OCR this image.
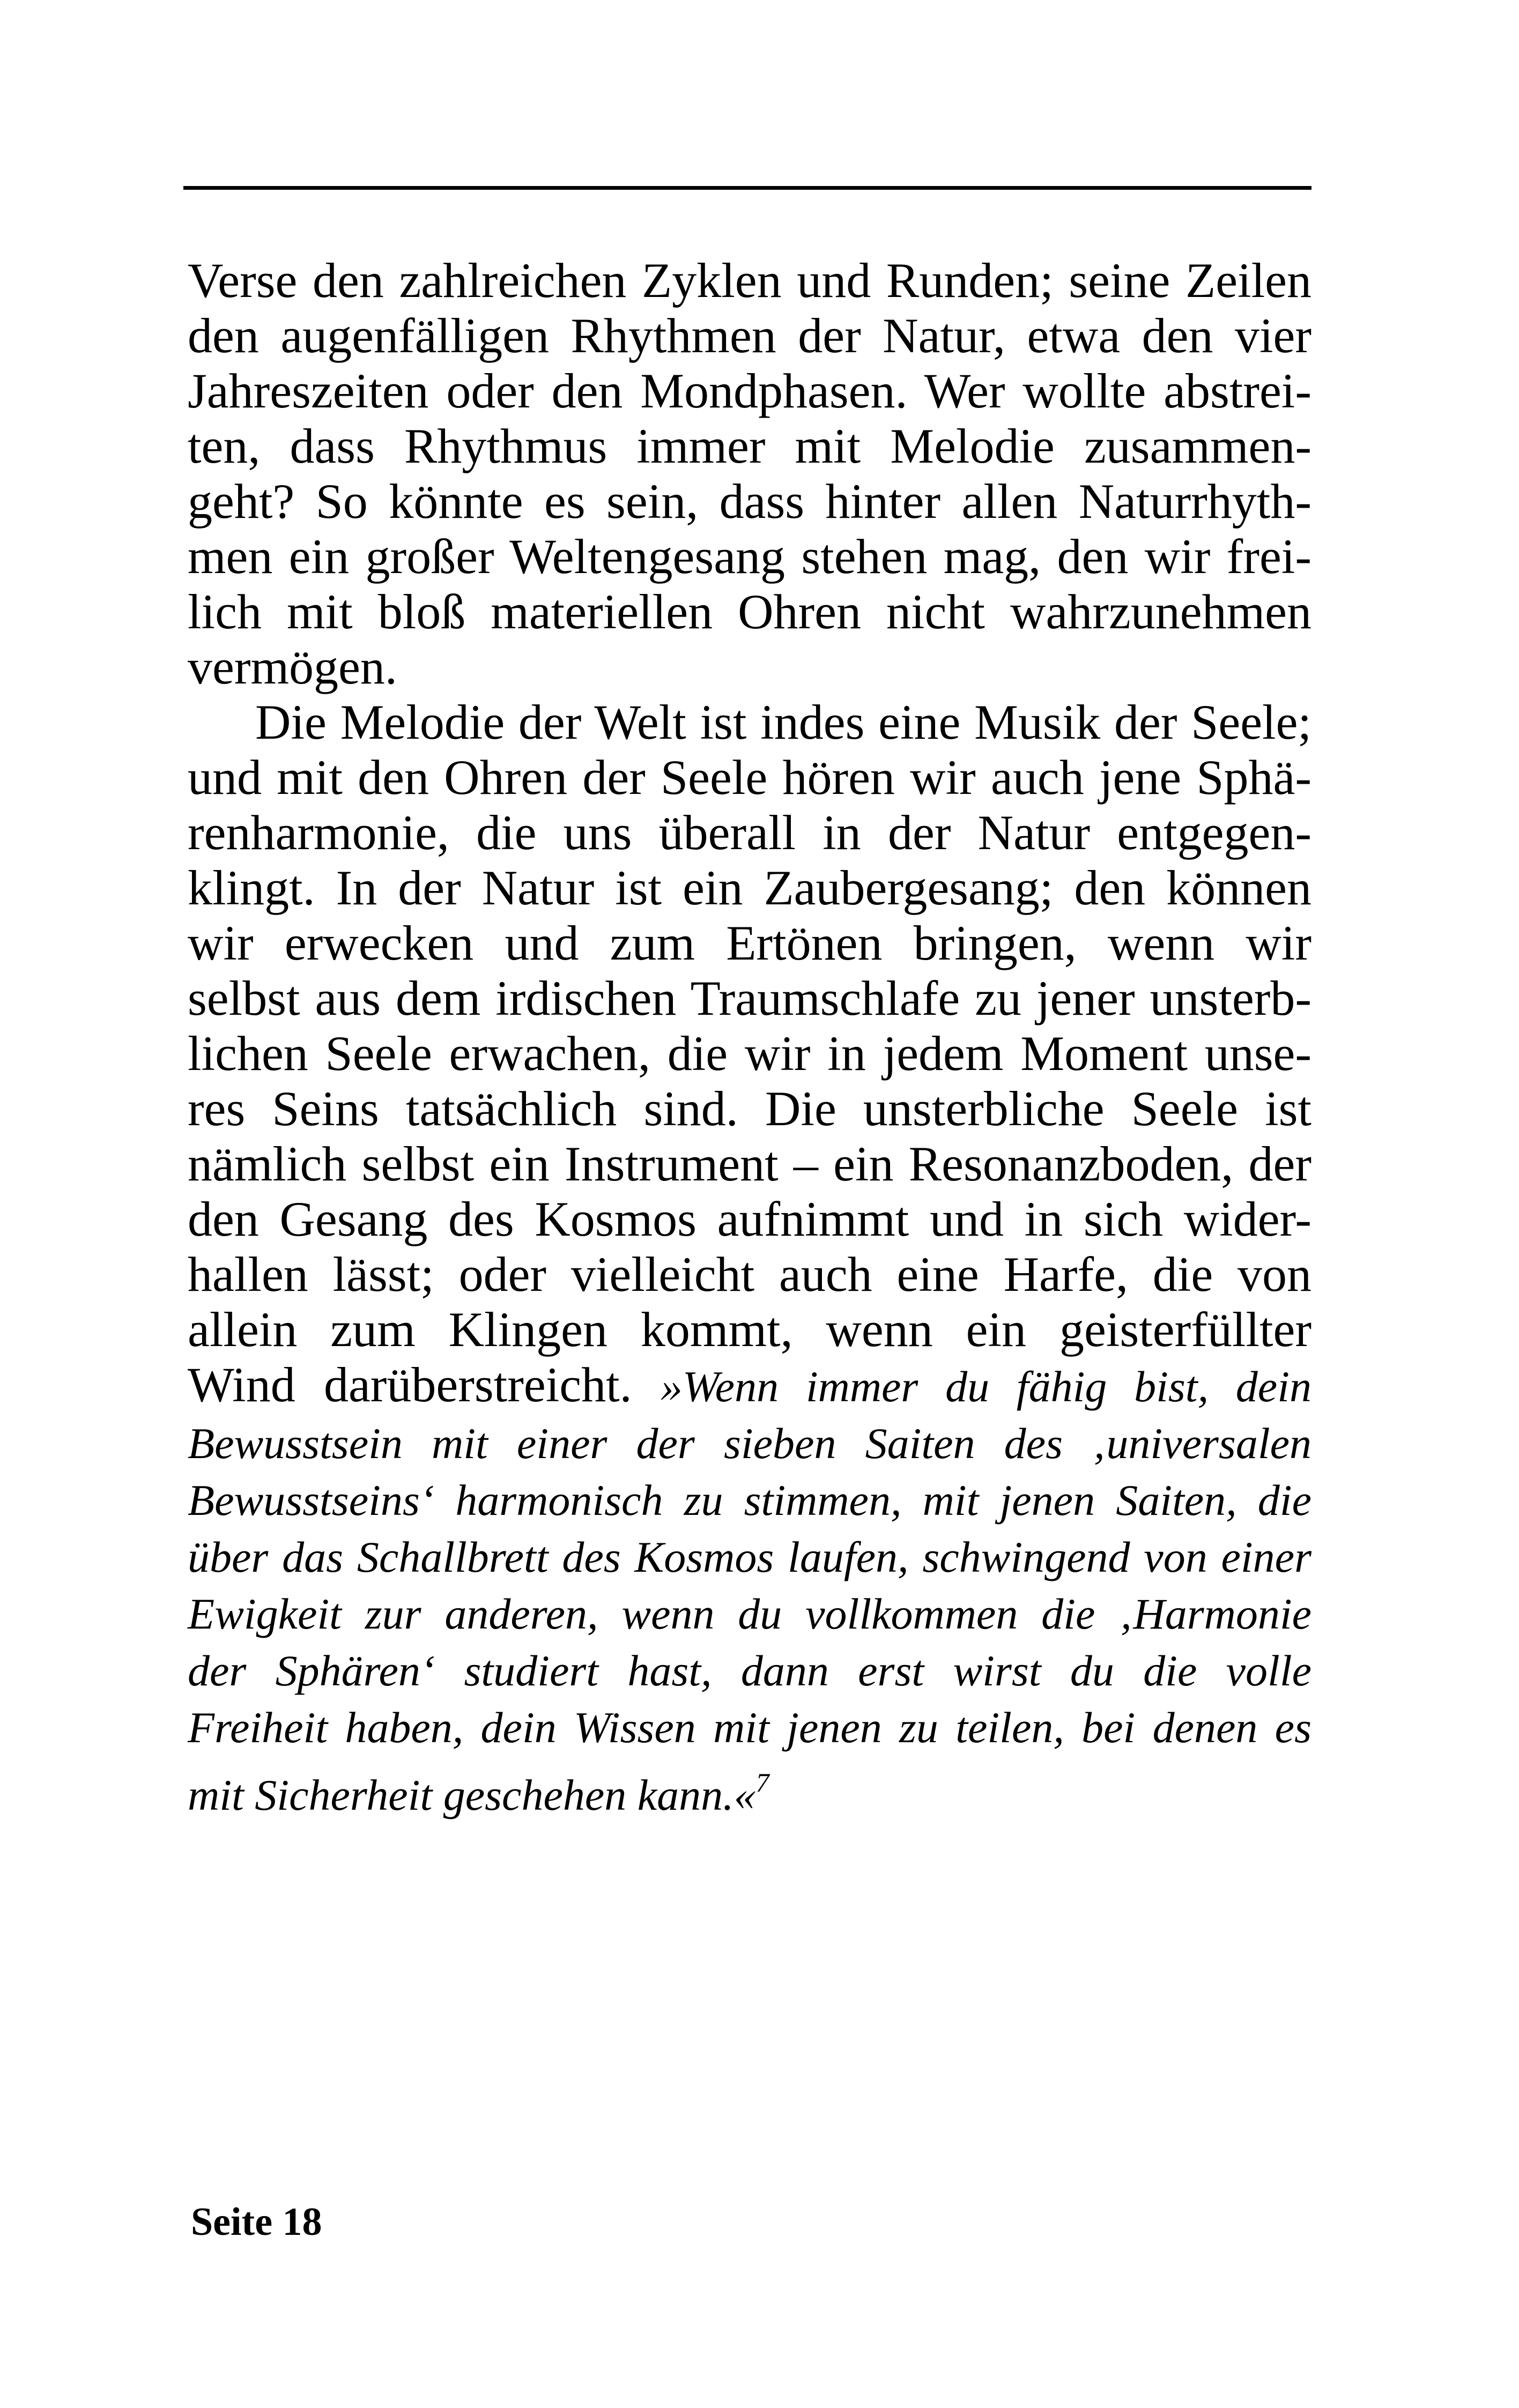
Verse den zahlreichen Zyklen und Runden; seine Zeilen
den augenfälligen Rhythmen der Natur, etwa den vier
Jahreszeiten oder den Mondphasen. Wer wollte abstrei-
ten, dass Rhythmus immer mit Melodie zusammen-
geht? So könnte es sein, dass hinter allen Naturrhyth-
men ein großer Weltengesang stehen mag, den wir frei-
lich mit bloß materiellen Ohren nicht wahrzunehmen
vermögen.
Die Melodie der Welt ist indes eine Musik der Seele;
und mit den Ohren der Seele hören wir auch jene Sphä-
renharmonie, die uns überall in der Natur entgegen-
klingt. In der Natur ist ein Zaubergesang; den können
wir erwecken und zum Ertönen bringen, wenn wir
selbst aus dem irdischen Traumschlafe zu jener unsterb-
lichen Seele erwachen, die wir in jedem Moment unse-
res Seins tatsächlich sind. Die unsterbliche Seele ist
nämlich selbst ein Instrument – ein Resonanzboden, der
den Gesang des Kosmos aufnimmt und in sich wider-
hallen lässt; oder vielleicht auch eine Harfe, die von
allein zum Klingen kommt, wenn ein geisterfüllter
Wind darüberstreicht. »Wenn immer du fähig bist, dein
Bewusstsein mit einer der sieben Saiten des ‚universalen
Bewusstseins‘ harmonisch zu stimmen, mit jenen Saiten, die
über das Schallbrett des Kosmos laufen, schwingend von einer
Ewigkeit zur anderen, wenn du vollkommen die ‚Harmonie
der Sphären‘ studiert hast, dann erst wirst du die volle
Freiheit haben, dein Wissen mit jenen zu teilen, bei denen es
mit Sicherheit geschehen kann.«$^7$
Seite 18
